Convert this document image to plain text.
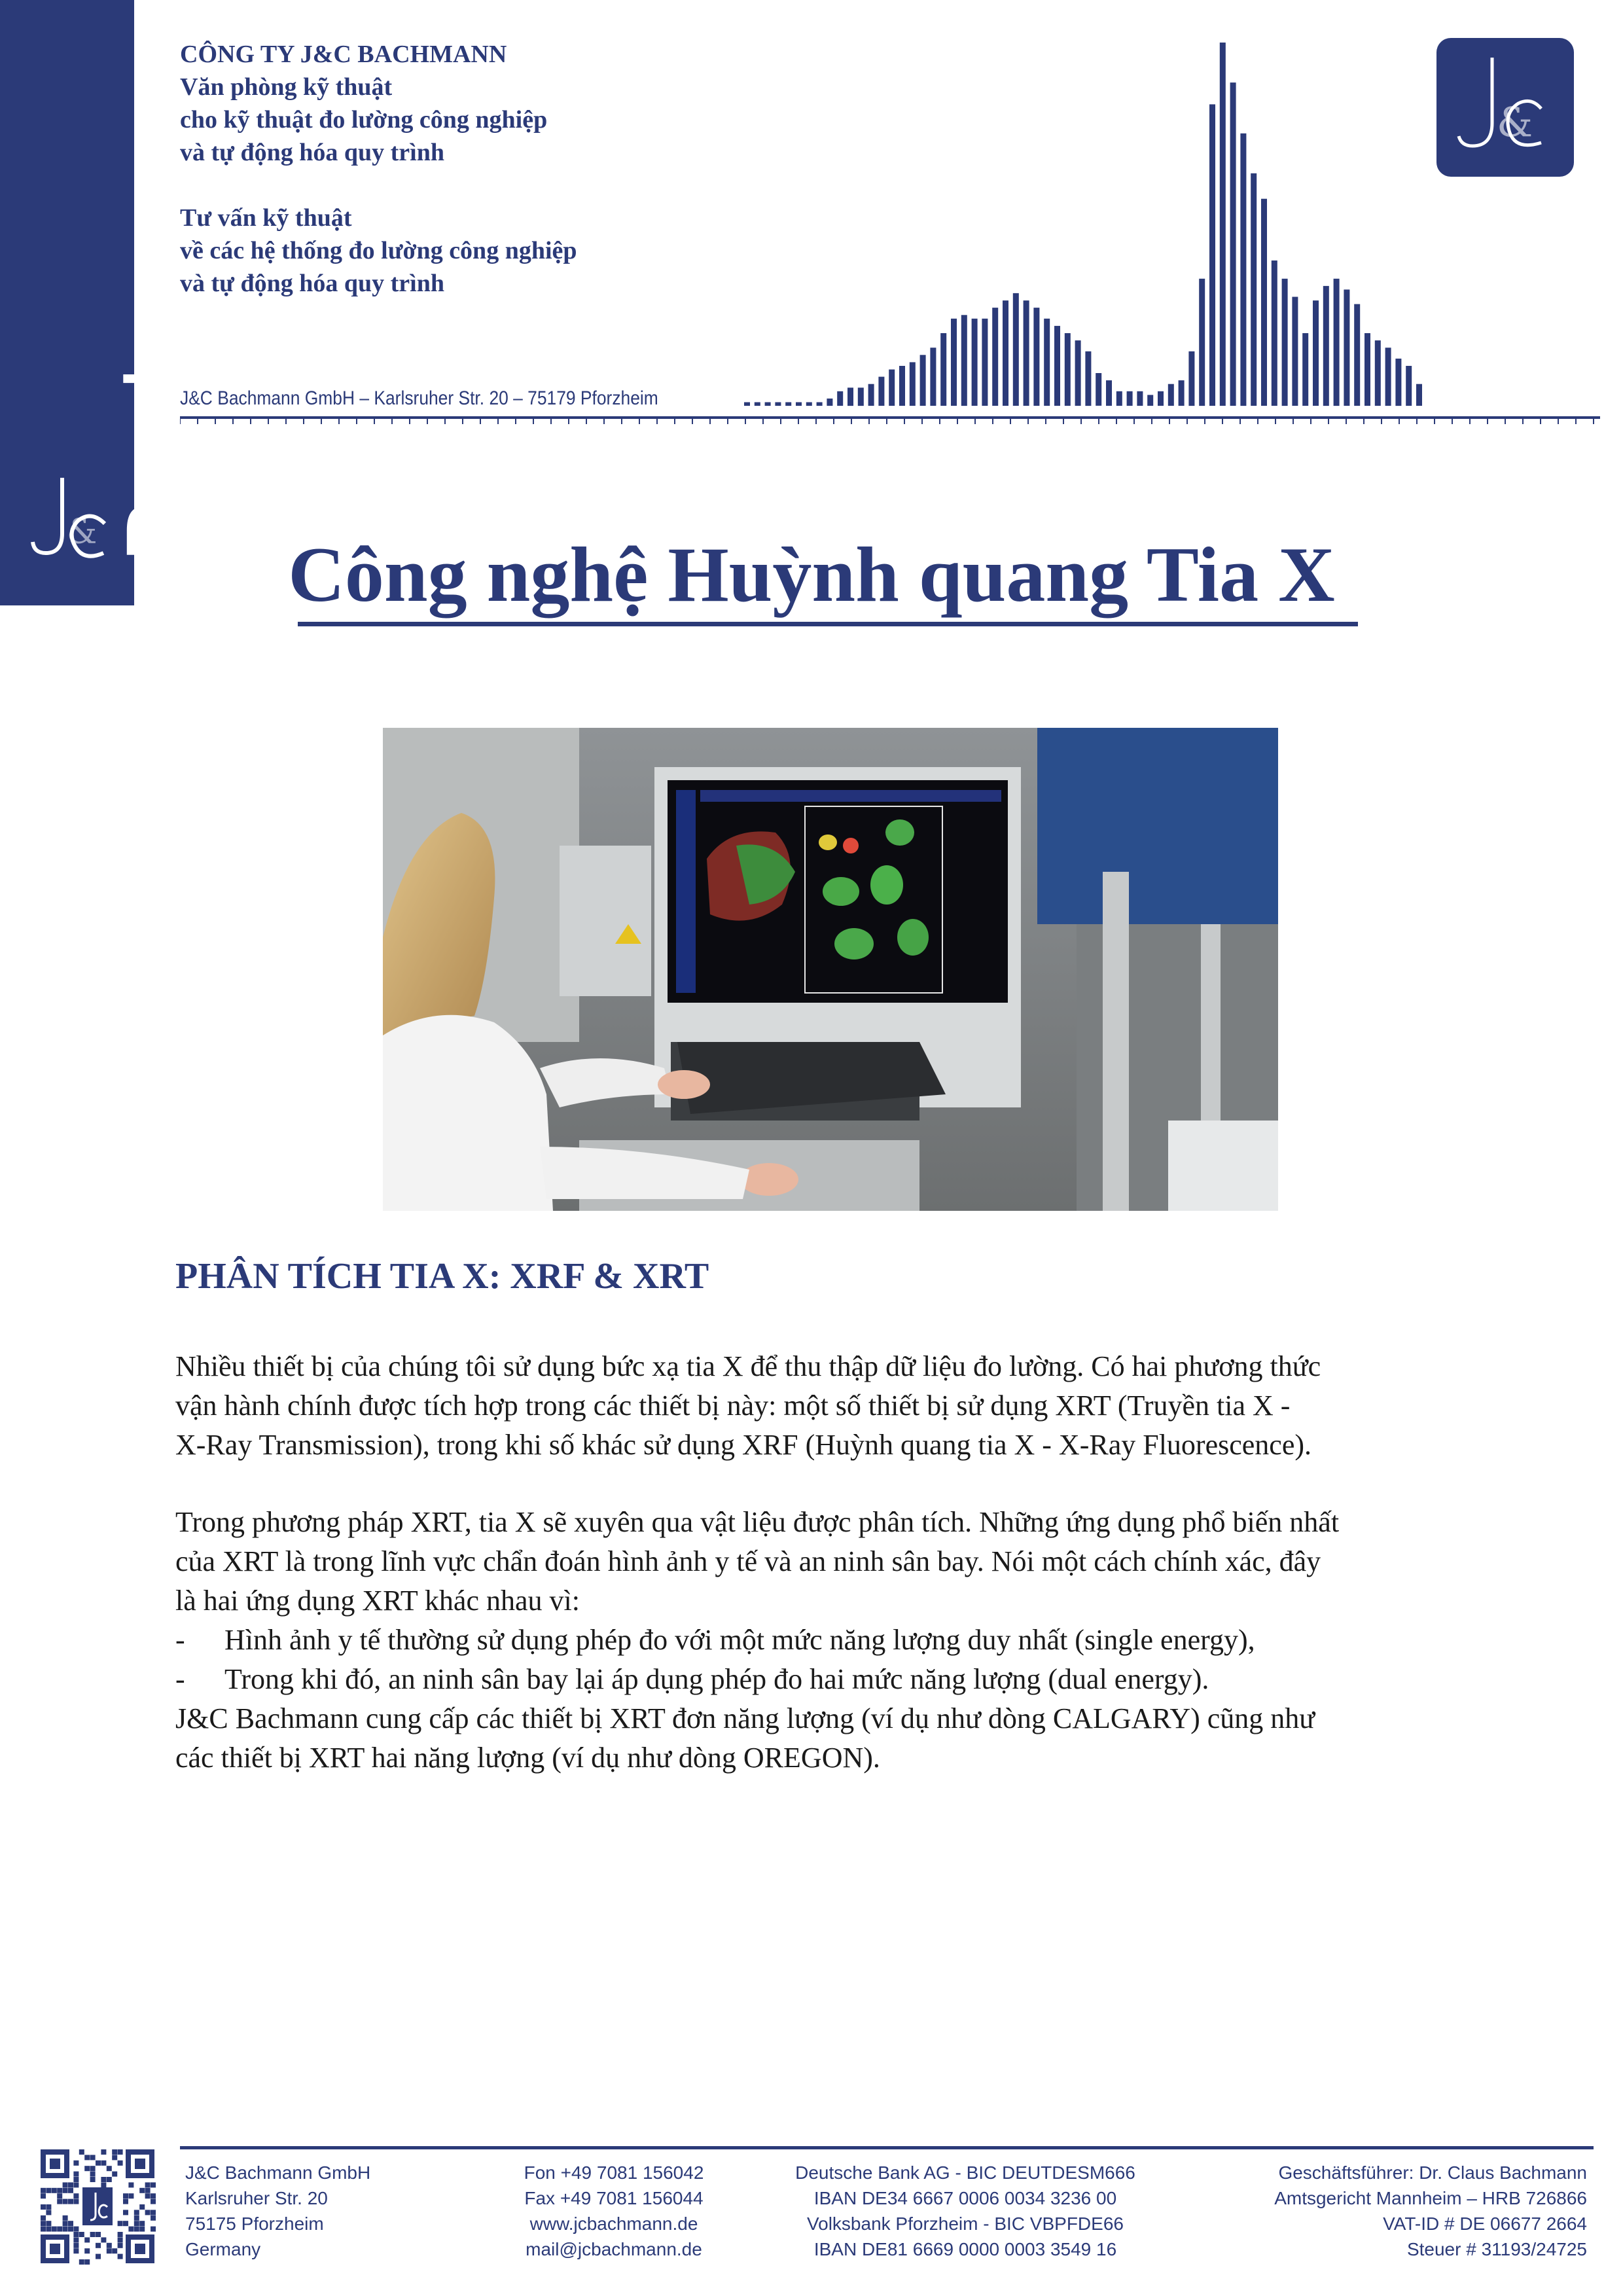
Bachmann
&
CÔNG TY J&C BACHMANN
Văn phòng kỹ thuật
cho kỹ thuật đo lường công nghiệp
và tự động hóa quy trình
Tư vấn kỹ thuật
về các hệ thống đo lường công nghiệp
và tự động hóa quy trình
J&C Bachmann GmbH – Karlsruher Str. 20 – 75179 Pforzheim
&
Công nghệ Huỳnh quang Tia X
PHÂN TÍCH TIA X: XRF & XRT
Nhiều thiết bị của chúng tôi sử dụng bức xạ tia X để thu thập dữ liệu đo lường. Có hai phương thức
vận hành chính được tích hợp trong các thiết bị này: một số thiết bị sử dụng XRT (Truyền tia X -
X-Ray Transmission), trong khi số khác sử dụng XRF (Huỳnh quang tia X - X-Ray Fluorescence).
Trong phương pháp XRT, tia X sẽ xuyên qua vật liệu được phân tích. Những ứng dụng phổ biến nhất
của XRT là trong lĩnh vực chẩn đoán hình ảnh y tế và an ninh sân bay. Nói một cách chính xác, đây
là hai ứng dụng XRT khác nhau vì:
-	Hình ảnh y tế thường sử dụng phép đo với một mức năng lượng duy nhất (single energy),
-	Trong khi đó, an ninh sân bay lại áp dụng phép đo hai mức năng lượng (dual energy).
J&C Bachmann cung cấp các thiết bị XRT đơn năng lượng (ví dụ như dòng CALGARY) cũng như
các thiết bị XRT hai năng lượng (ví dụ như dòng OREGON).
J&C Bachmann GmbH
Karlsruher Str. 20
75175 Pforzheim
Germany
Fon +49 7081 156042
Fax +49 7081 156044
www.jcbachmann.de
mail@jcbachmann.de
Deutsche Bank AG - BIC DEUTDESM666
IBAN DE34 6667 0006 0034 3236 00
Volksbank Pforzheim - BIC VBPFDE66
IBAN DE81 6669 0000 0003 3549 16
Geschäftsführer: Dr. Claus Bachmann
Amtsgericht Mannheim – HRB 726866
VAT-ID # DE 06677 2664
Steuer # 31193/24725
